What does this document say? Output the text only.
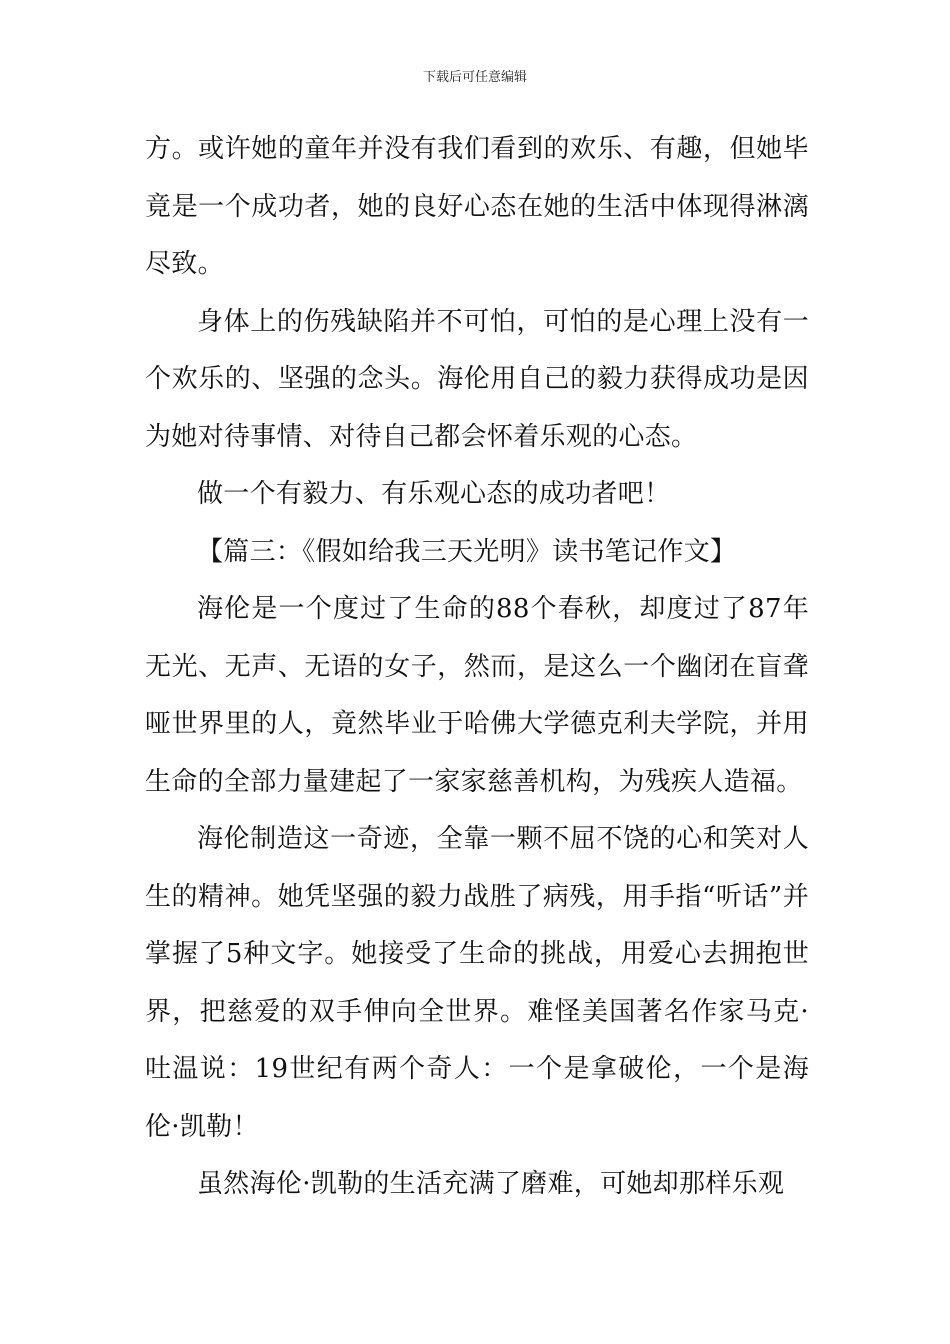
下载后可任意编辑

方。或许她的童年并没有我们看到的欢乐、有趣，但她毕竟是一个成功者，她的良好心态在她的生活中体现得淋漓尽致。

身体上的伤残缺陷并不可怕，可怕的是心理上没有一个欢乐的、坚强的念头。海伦用自己的毅力获得成功是因为她对待事情、对待自己都会怀着乐观的心态。

做一个有毅力、有乐观心态的成功者吧！

【篇三：《假如给我三天光明》读书笔记作文】

海伦是一个度过了生命的88个春秋，却度过了87年无光、无声、无语的女子，然而，是这么一个幽闭在盲聋哑世界里的人，竟然毕业于哈佛大学德克利夫学院，并用生命的全部力量建起了一家家慈善机构，为残疾人造福。

海伦制造这一奇迹，全靠一颗不屈不饶的心和笑对人生的精神。她凭坚强的毅力战胜了病残，用手指“听话”并掌握了5种文字。她接受了生命的挑战，用爱心去拥抱世界，把慈爱的双手伸向全世界。难怪美国著名作家马克·吐温说：19世纪有两个奇人：一个是拿破伦，一个是海伦·凯勒！

虽然海伦·凯勒的生活充满了磨难，可她却那样乐观
